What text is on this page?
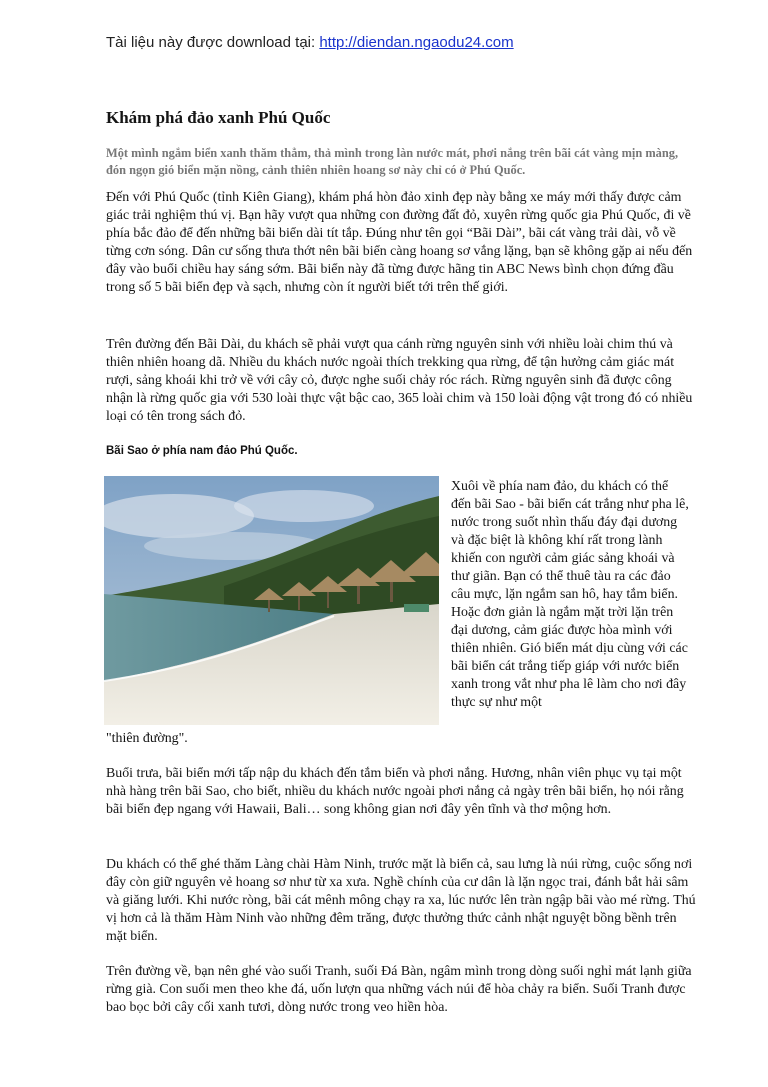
Tài liệu này được download tại: http://diendan.ngaodu24.com
Khám phá đảo xanh Phú Quốc
Một mình ngắm biển xanh thăm thẳm, thả mình trong làn nước mát, phơi nắng trên bãi cát vàng mịn màng, đón ngọn gió biển mặn nồng, cảnh thiên nhiên hoang sơ này chỉ có ở Phú Quốc.
Đến với Phú Quốc (tỉnh Kiên Giang), khám phá hòn đảo xinh đẹp này bằng xe máy mới thấy được cảm giác trải nghiệm thú vị. Bạn hãy vượt qua những con đường đất đỏ, xuyên rừng quốc gia Phú Quốc, đi về phía bắc đảo để đến những bãi biển dài tít tắp. Đúng như tên gọi “Bãi Dài”, bãi cát vàng trải dài, vỗ về từng cơn sóng. Dân cư sống thưa thớt nên bãi biển càng hoang sơ vắng lặng, bạn sẽ không gặp ai nếu đến đây vào buổi chiều hay sáng sớm. Bãi biển này đã từng được hãng tin ABC News bình chọn đứng đầu trong số 5 bãi biển đẹp và sạch, nhưng còn ít người biết tới trên thế giới.
Trên đường đến Bãi Dài, du khách sẽ phải vượt qua cánh rừng nguyên sinh với nhiều loài chim thú và thiên nhiên hoang dã. Nhiều du khách nước ngoài thích trekking qua rừng, để tận hưởng cảm giác mát rượi, sảng khoái khi trở về với cây cỏ, được nghe suối chảy róc rách. Rừng nguyên sinh đã được công nhận là rừng quốc gia với 530 loài thực vật bậc cao, 365 loài chim và 150 loài động vật trong đó có nhiều loại có tên trong sách đỏ.
Bãi Sao ở phía nam đảo Phú Quốc.
Xuôi về phía nam đảo, du khách có thể đến bãi Sao - bãi biển cát trắng như pha lê, nước trong suốt nhìn thấu đáy đại dương và đặc biệt là không khí rất trong lành khiến con người cảm giác sảng khoái và thư giãn. Bạn có thể thuê tàu ra các đảo câu mực, lặn ngắm san hô, hay tắm biển. Hoặc đơn giản là ngắm mặt trời lặn trên đại dương, cảm giác được hòa mình với thiên nhiên. Gió biển mát dịu cùng với các bãi biển cát trắng tiếp giáp với nước biển xanh trong vắt như pha lê làm cho nơi đây thực sự như một
"thiên đường".
Buổi trưa, bãi biển mới tấp nập du khách đến tắm biển và phơi nắng. Hương, nhân viên phục vụ tại một nhà hàng trên bãi Sao, cho biết, nhiều du khách nước ngoài phơi nắng cả ngày trên bãi biển, họ nói rằng bãi biển đẹp ngang với Hawaii, Bali… song không gian nơi đây yên tĩnh và thơ mộng hơn.
Du khách có thể ghé thăm Làng chài Hàm Ninh, trước mặt là biển cả, sau lưng là núi rừng, cuộc sống nơi đây còn giữ nguyên vẻ hoang sơ như từ xa xưa. Nghề chính của cư dân là lặn ngọc trai, đánh bắt hải sâm và giăng lưới. Khi nước ròng, bãi cát mênh mông chạy ra xa, lúc nước lên tràn ngập bãi vào mé rừng. Thú vị hơn cả là thăm Hàm Ninh vào những đêm trăng, được thưởng thức cảnh nhật nguyệt bồng bềnh trên mặt biển.
Trên đường về, bạn nên ghé vào suối Tranh, suối Đá Bàn, ngâm mình trong dòng suối nghỉ mát lạnh giữa rừng già. Con suối men theo khe đá, uốn lượn qua những vách núi để hòa chảy ra biển. Suối Tranh được bao bọc bởi cây cối xanh tươi, dòng nước trong veo hiền hòa.
